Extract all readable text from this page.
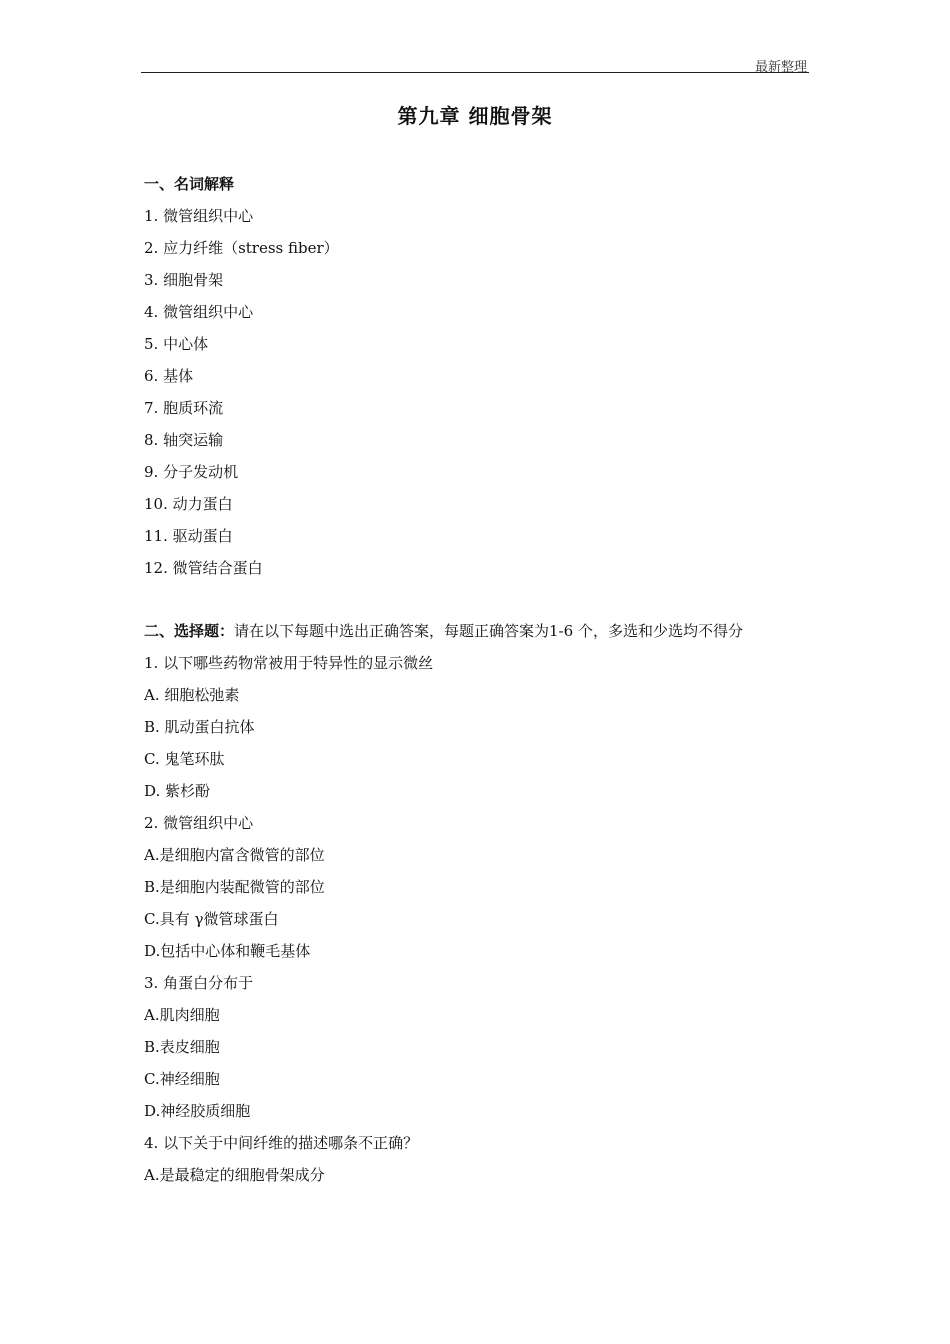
最新整理
第九章 细胞骨架
一、名词解释
1. 微管组织中心
2. 应力纤维（stress fiber）
3. 细胞骨架
4. 微管组织中心
5. 中心体
6. 基体
7. 胞质环流
8. 轴突运输
9. 分子发动机
10. 动力蛋白
11. 驱动蛋白
12. 微管结合蛋白
二、选择题：请在以下每题中选出正确答案，每题正确答案为1-6 个，多选和少选均不得分
1. 以下哪些药物常被用于特异性的显示微丝
A. 细胞松弛素
B. 肌动蛋白抗体
C. 鬼笔环肽
D. 紫杉酚
2. 微管组织中心
A.是细胞内富含微管的部位
B.是细胞内装配微管的部位
C.具有 γ微管球蛋白
D.包括中心体和鞭毛基体
3. 角蛋白分布于
A.肌肉细胞
B.表皮细胞
C.神经细胞
D.神经胶质细胞
4. 以下关于中间纤维的描述哪条不正确？
A.是最稳定的细胞骨架成分
